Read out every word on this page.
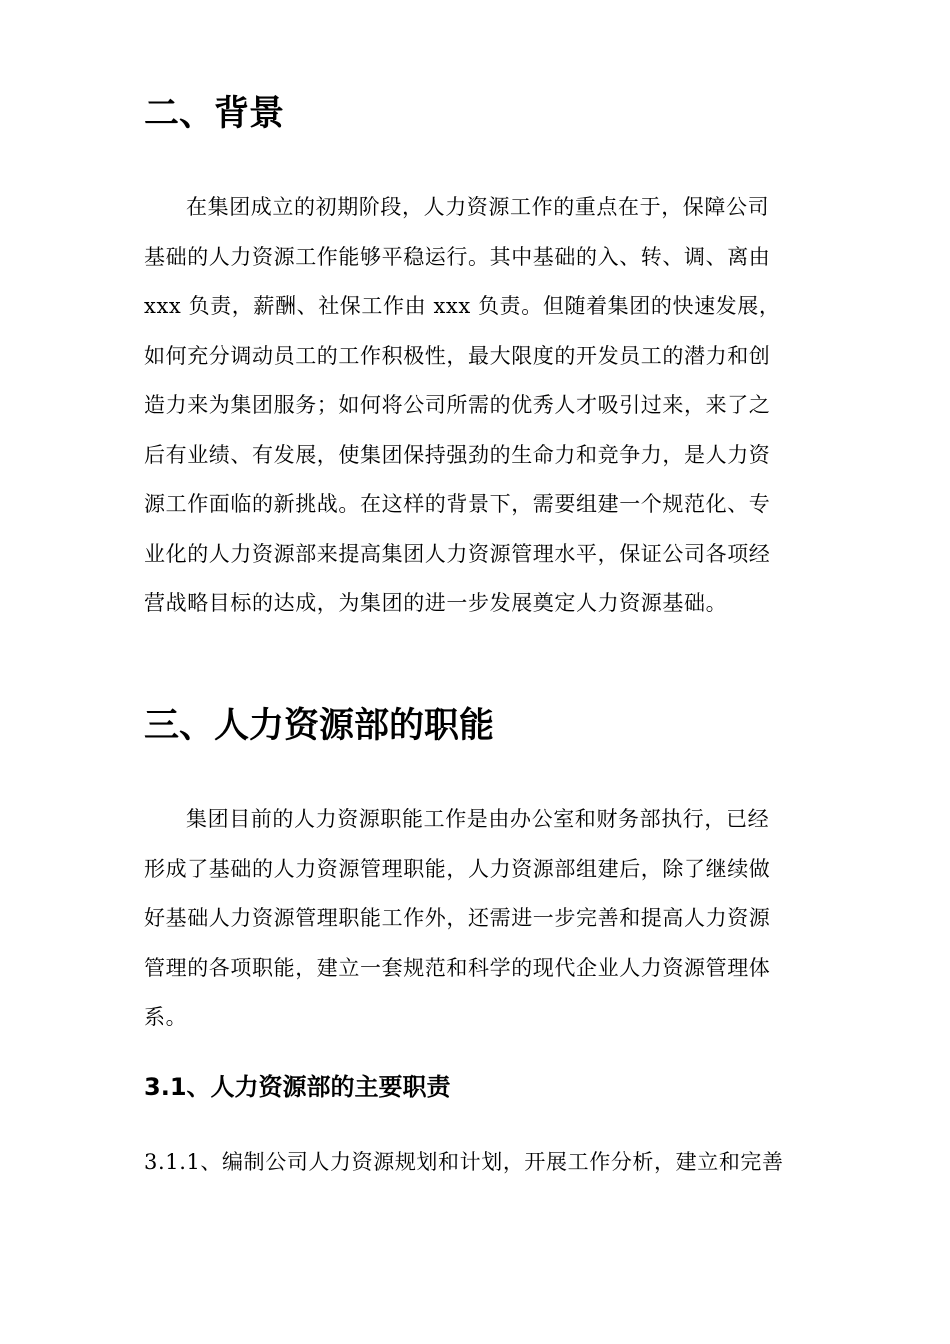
二、背景
在集团成立的初期阶段，人力资源工作的重点在于，保障公司
基础的人力资源工作能够平稳运行。其中基础的入、转、调、离由
xxx 负责，薪酬、社保工作由 xxx 负责。但随着集团的快速发展，
如何充分调动员工的工作积极性，最大限度的开发员工的潜力和创
造力来为集团服务；如何将公司所需的优秀人才吸引过来，来了之
后有业绩、有发展，使集团保持强劲的生命力和竞争力，是人力资
源工作面临的新挑战。在这样的背景下，需要组建一个规范化、专
业化的人力资源部来提高集团人力资源管理水平，保证公司各项经
营战略目标的达成，为集团的进一步发展奠定人力资源基础。
三、人力资源部的职能
集团目前的人力资源职能工作是由办公室和财务部执行，已经
形成了基础的人力资源管理职能，人力资源部组建后，除了继续做
好基础人力资源管理职能工作外，还需进一步完善和提高人力资源
管理的各项职能，建立一套规范和科学的现代企业人力资源管理体
系。
3.1、人力资源部的主要职责

3.1.1、编制公司人力资源规划和计划，开展工作分析，建立和完善
